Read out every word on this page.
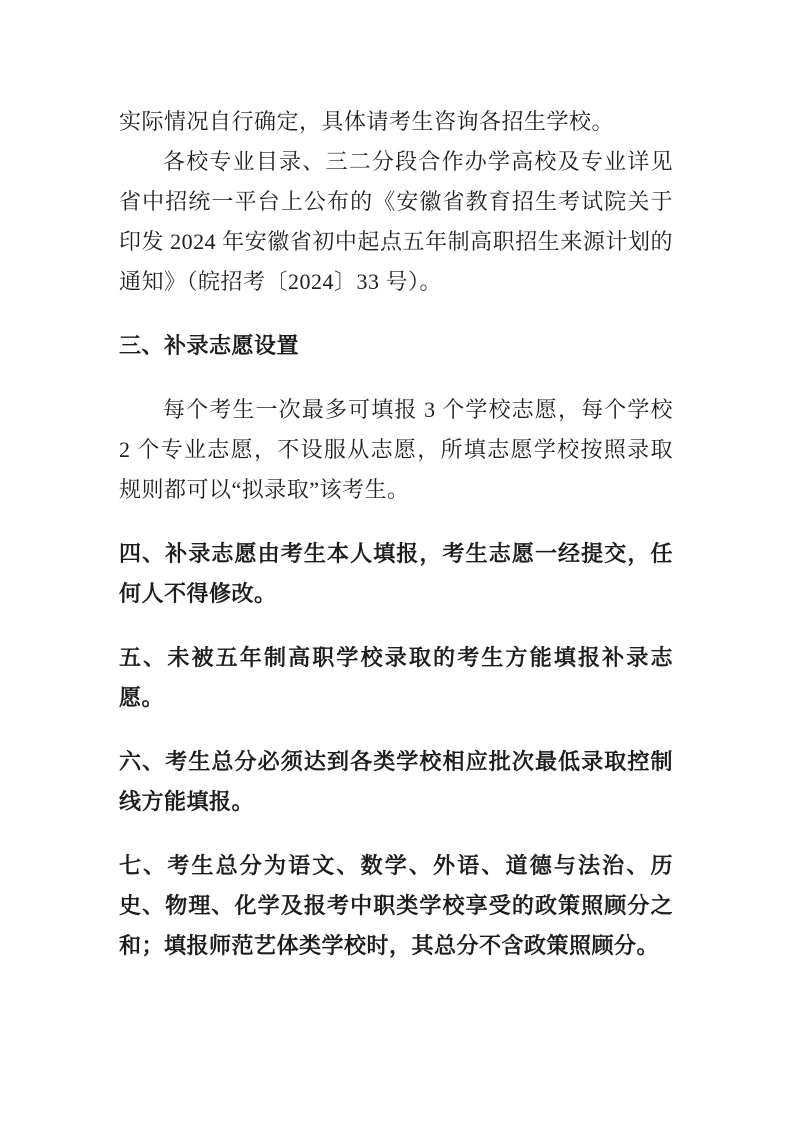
实际情况自行确定，具体请考生咨询各招生学校。

各校专业目录、三二分段合作办学高校及专业详见省中招统一平台上公布的《安徽省教育招生考试院关于印发 2024 年安徽省初中起点五年制高职招生来源计划的通知》（皖招考〔2024〕33 号）。

三、补录志愿设置

每个考生一次最多可填报 3 个学校志愿，每个学校 2 个专业志愿，不设服从志愿，所填志愿学校按照录取规则都可以“拟录取”该考生。

四、补录志愿由考生本人填报，考生志愿一经提交，任何人不得修改。

五、未被五年制高职学校录取的考生方能填报补录志愿。

六、考生总分必须达到各类学校相应批次最低录取控制线方能填报。

七、考生总分为语文、数学、外语、道德与法治、历史、物理、化学及报考中职类学校享受的政策照顾分之和；填报师范艺体类学校时，其总分不含政策照顾分。
